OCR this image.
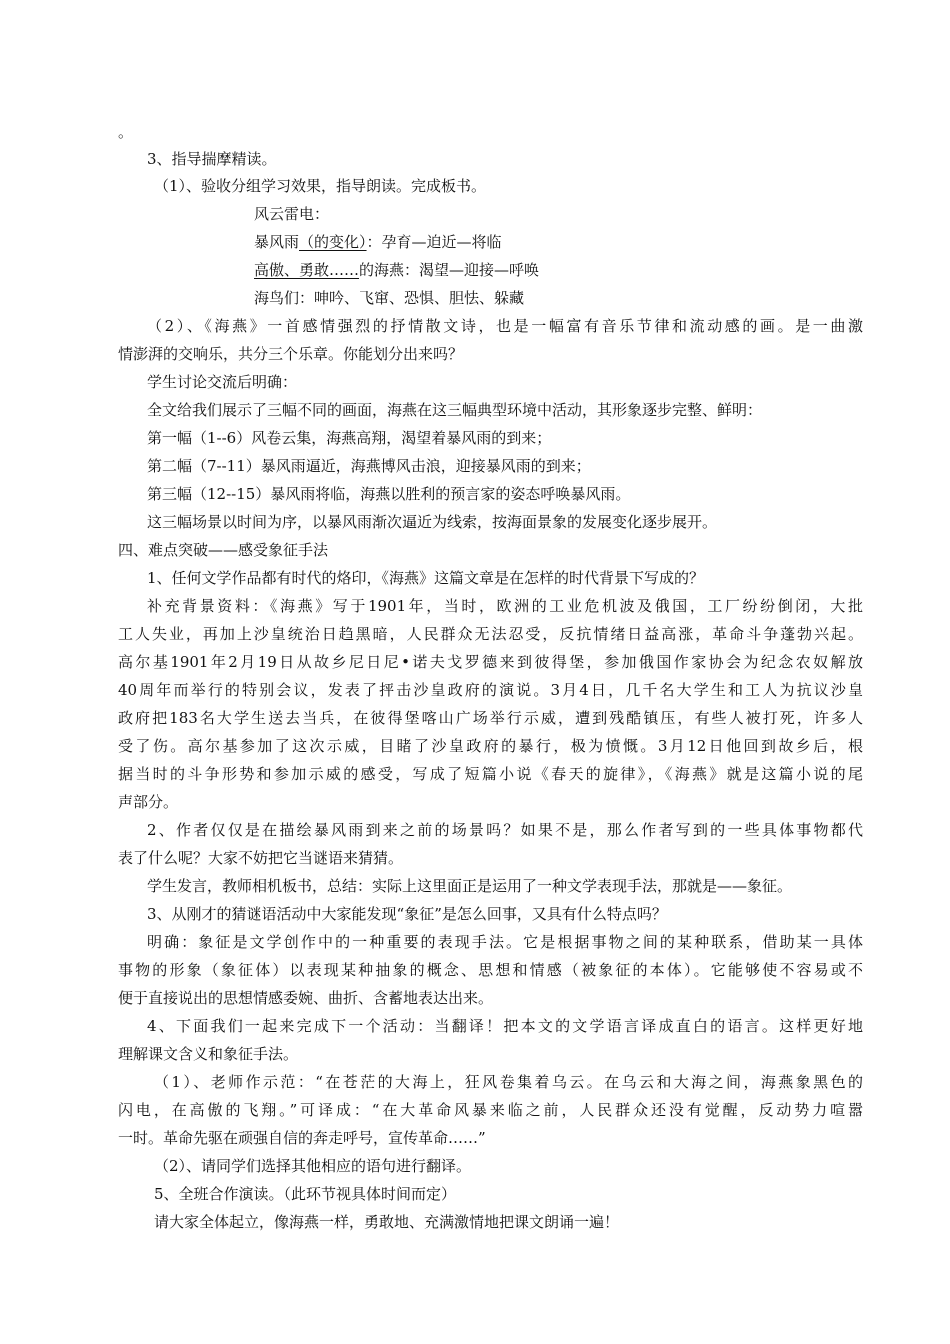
。
3、指导揣摩精读。
（1）、验收分组学习效果，指导朗读。完成板书。
风云雷电：
暴风雨（的变化）：孕育—迫近—将临
高傲、勇敢……的海燕：渴望—迎接—呼唤
海鸟们：呻吟、飞窜、恐惧、胆怯、躲藏
（2）、《海燕》一首感情强烈的抒情散文诗，也是一幅富有音乐节律和流动感的画。是一曲激
情澎湃的交响乐，共分三个乐章。你能划分出来吗？
学生讨论交流后明确：
全文给我们展示了三幅不同的画面，海燕在这三幅典型环境中活动，其形象逐步完整、鲜明：
第一幅（1--6）风卷云集，海燕高翔，渴望着暴风雨的到来；
第二幅（7--11）暴风雨逼近，海燕博风击浪，迎接暴风雨的到来；
第三幅（12--15）暴风雨将临，海燕以胜利的预言家的姿态呼唤暴风雨。
这三幅场景以时间为序，以暴风雨渐次逼近为线索，按海面景象的发展变化逐步展开。
四、难点突破——感受象征手法
1、任何文学作品都有时代的烙印，《海燕》这篇文章是在怎样的时代背景下写成的？
补充背景资料：《海燕》写于1901年，当时，欧洲的工业危机波及俄国，工厂纷纷倒闭，大批
工人失业，再加上沙皇统治日趋黑暗，人民群众无法忍受，反抗情绪日益高涨，革命斗争蓬勃兴起。
高尔基1901年2月19日从故乡尼日尼•诺夫戈罗德来到彼得堡，参加俄国作家协会为纪念农奴解放
40周年而举行的特别会议，发表了抨击沙皇政府的演说。3月4日，几千名大学生和工人为抗议沙皇
政府把183名大学生送去当兵，在彼得堡喀山广场举行示威，遭到残酷镇压，有些人被打死，许多人
受了伤。高尔基参加了这次示威，目睹了沙皇政府的暴行，极为愤慨。3月12日他回到故乡后，根
据当时的斗争形势和参加示威的感受，写成了短篇小说《春天的旋律》，《海燕》就是这篇小说的尾
声部分。
2、作者仅仅是在描绘暴风雨到来之前的场景吗？如果不是，那么作者写到的一些具体事物都代
表了什么呢？大家不妨把它当谜语来猜猜。
学生发言，教师相机板书，总结：实际上这里面正是运用了一种文学表现手法，那就是——象征。
3、从刚才的猜谜语活动中大家能发现“象征”是怎么回事，又具有什么特点吗？
明确：象征是文学创作中的一种重要的表现手法。它是根据事物之间的某种联系，借助某一具体
事物的形象（象征体）以表现某种抽象的概念、思想和情感（被象征的本体）。它能够使不容易或不
便于直接说出的思想情感委婉、曲折、含蓄地表达出来。
4、下面我们一起来完成下一个活动：当翻译！把本文的文学语言译成直白的语言。这样更好地
理解课文含义和象征手法。
（1）、老师作示范：“在苍茫的大海上，狂风卷集着乌云。在乌云和大海之间，海燕象黑色的
闪电，在高傲的飞翔。”可译成：“在大革命风暴来临之前，人民群众还没有觉醒，反动势力喧嚣
一时。革命先驱在顽强自信的奔走呼号，宣传革命……”
（2）、请同学们选择其他相应的语句进行翻译。
5、全班合作演读。（此环节视具体时间而定）
请大家全体起立，像海燕一样，勇敢地、充满激情地把课文朗诵一遍！
